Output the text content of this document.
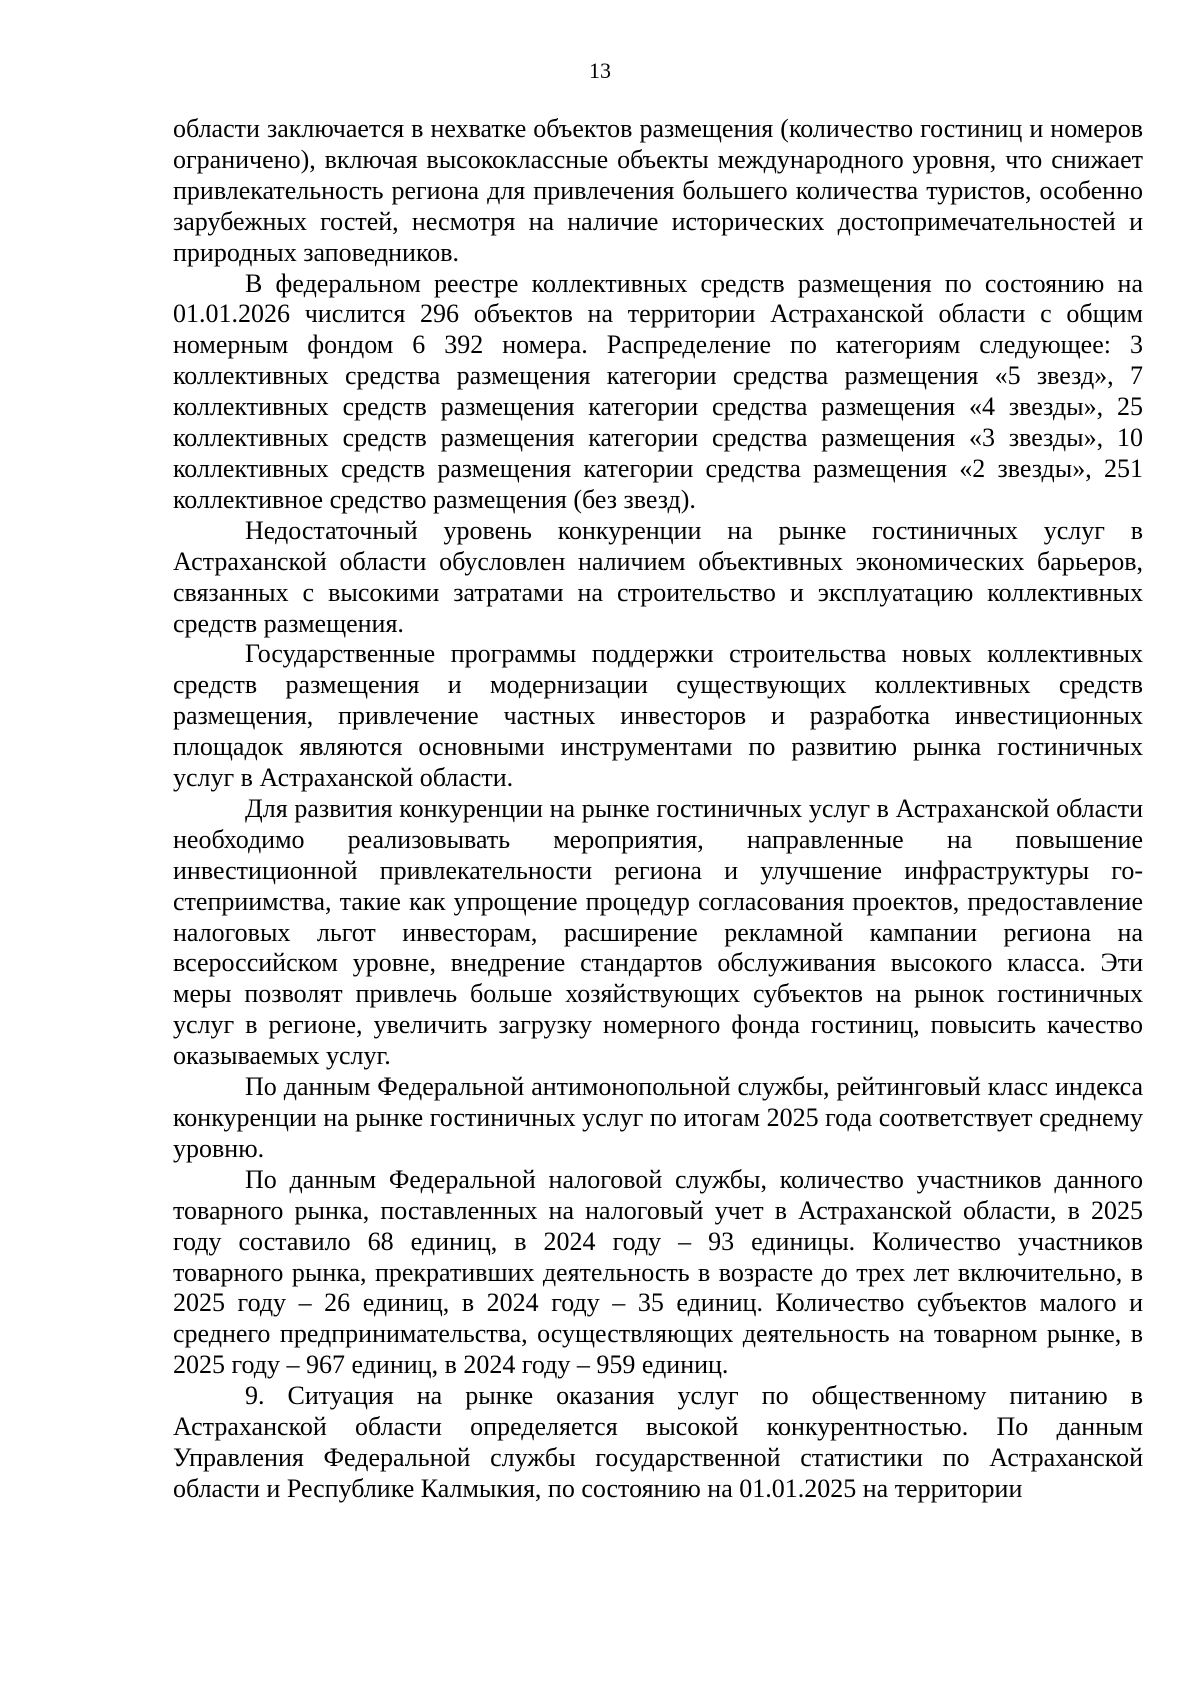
13

области заключается в нехватке объектов размещения (количество гостиниц и номеров ограничено), включая высококлассные объекты международного уровня, что снижает привлекательность региона для привлечения большего количества туристов, особенно зарубежных гостей, несмотря на наличие исторических достопримечательностей и природных заповедников.

В федеральном реестре коллективных средств размещения по состоянию на 01.01.2026 числится 296 объектов на территории Астраханской области с общим номерным фондом 6 392 номера. Распределение по категориям следующее: 3 коллективных средства размещения категории средства размещения «5 звезд», 7 коллективных средств размещения категории средства размещения «4 звезды», 25 коллективных средств размещения категории средства размещения «3 звезды», 10 коллективных средств размещения категории средства размещения «2 звезды», 251 коллективное средство размещения (без звезд).

Недостаточный уровень конкуренции на рынке гостиничных услуг в Астраханской области обусловлен наличием объективных экономических барьеров, связанных с высокими затратами на строительство и эксплуатацию коллективных средств размещения.

Государственные программы поддержки строительства новых коллективных средств размещения и модернизации существующих коллективных средств размещения, привлечение частных инвесторов и разработка инвестиционных площадок являются основными инструментами по развитию рынка гостиничных услуг в Астраханской области.

Для развития конкуренции на рынке гостиничных услуг в Астраханской области необходимо реализовывать мероприятия, направленные на повышение инвестиционной привлекательности региона и улучшение инфраструктуры гостеприимства, такие как упрощение процедур согласования проектов, предоставление налоговых льгот инвесторам, расширение рекламной кампании региона на всероссийском уровне, внедрение стандартов обслуживания высокого класса. Эти меры позволят привлечь больше хозяйствующих субъектов на рынок гостиничных услуг в регионе, увеличить загрузку номерного фонда гостиниц, повысить качество оказываемых услуг.

По данным Федеральной антимонопольной службы, рейтинговый класс индекса конкуренции на рынке гостиничных услуг по итогам 2025 года соответствует среднему уровню.

По данным Федеральной налоговой службы, количество участников данного товарного рынка, поставленных на налоговый учет в Астраханской области, в 2025 году составило 68 единиц, в 2024 году – 93 единицы. Количество участников товарного рынка, прекративших деятельность в возрасте до трех лет включительно, в 2025 году – 26 единиц, в 2024 году – 35 единиц. Количество субъектов малого и среднего предпринимательства, осуществляющих деятельность на товарном рынке, в 2025 году – 967 единиц, в 2024 году – 959 единиц.

9. Ситуация на рынке оказания услуг по общественному питанию в Астраханской области определяется высокой конкурентностью. По данным Управления Федеральной службы государственной статистики по Астраханской области и Республике Калмыкия, по состоянию на 01.01.2025 на территории
